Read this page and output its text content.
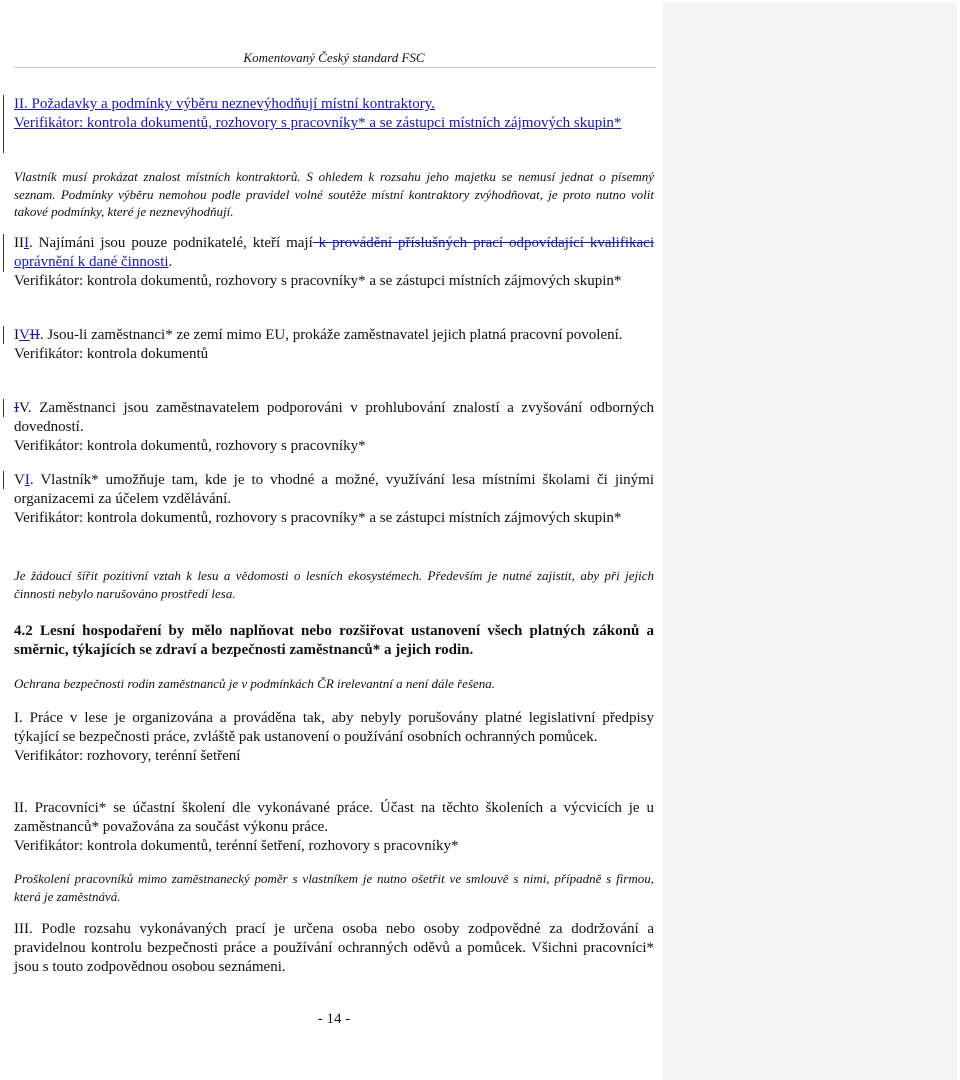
Komentovaný Český standard FSC
II. Požadavky a podmínky výběru neznevýhodňují místní kontraktory.
Verifikátor: kontrola dokumentů, rozhovory s pracovníky* a se zástupci místních zájmových skupin*
Vlastník musí prokázat znalost místních kontraktorů. S ohledem k rozsahu jeho majetku se nemusí jednat o písemný seznam. Podmínky výběru nemohou podle pravidel volné soutěže místní kontraktory zvýhodňovat, je proto nutno volit takové podmínky, které je neznevýhodňují.
III. Najímáni jsou pouze podnikatelé, kteří mají k provádění příslušných prací odpovídající kvalifikaci oprávnění k dané činnosti.
Verifikátor: kontrola dokumentů, rozhovory s pracovníky* a se zástupci místních zájmových skupin*
IVII. Jsou-li zaměstnanci* ze zemí mimo EU, prokáže zaměstnavatel jejich platná pracovní povolení.
Verifikátor: kontrola dokumentů
IV. Zaměstnanci jsou zaměstnavatelem podporováni v prohlubování znalostí a zvyšování odborných dovedností.
Verifikátor: kontrola dokumentů, rozhovory s pracovníky*
VI. Vlastník* umožňuje tam, kde je to vhodné a možné, využívání lesa místními školami či jinými organizacemi za účelem vzdělávání.
Verifikátor: kontrola dokumentů, rozhovory s pracovníky* a se zástupci místních zájmových skupin*
Je žádoucí šířit pozitivní vztah k lesu a vědomosti o lesních ekosystémech. Především je nutné zajistit, aby při jejich činnosti nebylo narušováno prostředí lesa.
4.2 Lesní hospodaření by mělo naplňovat nebo rozšiřovat ustanovení všech platných zákonů a směrnic, týkajících se zdraví a bezpečnosti zaměstnanců* a jejich rodin.
Ochrana bezpečnosti rodin zaměstnanců je v podmínkách ČR irelevantní a není dále řešena.
I. Práce v lese je organizována a prováděna tak, aby nebyly porušovány platné legislativní předpisy týkající se bezpečnosti práce, zvláště pak ustanovení o používání osobních ochranných pomůcek.
Verifikátor: rozhovory, terénní šetření
II. Pracovníci* se účastní školení dle vykonávané práce. Účast na těchto školeních a výcvicích je u zaměstnanců* považována za součást výkonu práce.
Verifikátor: kontrola dokumentů, terénní šetření, rozhovory s pracovníky*
Proškolení pracovníků mimo zaměstnanecký poměr s vlastníkem je nutno ošetřit ve smlouvě s nimi, případně s firmou, která je zaměstnává.
III. Podle rozsahu vykonávaných prací je určena osoba nebo osoby zodpovědné za dodržování a pravidelnou kontrolu bezpečnosti práce a používání ochranných oděvů a pomůcek. Všichni pracovníci* jsou s touto zodpovědnou osobou seznámeni.
- 14 -
